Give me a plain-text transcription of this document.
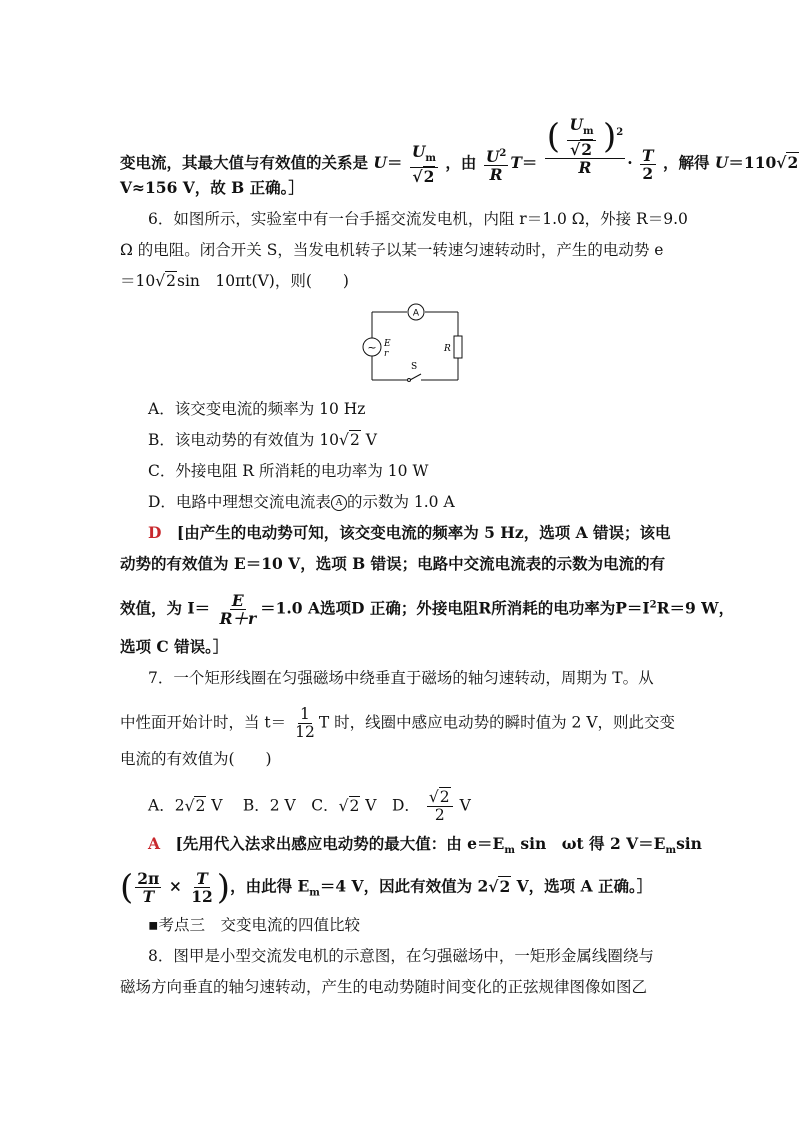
变电流，其最大值与有效值的关系是 $U= \frac{U_m}{√2}$ ，由 $\frac{U^2}{R} T= \frac{( \frac{U_m}{√2} )^2}{R} \cdot \frac{T}{2}$ ，解得 U＝110√2
V≈156 V，故 B 正确。］
6．如图所示，实验室中有一台手摇交流发电机，内阻 r＝1.0 Ω，外接 R＝9.0
Ω 的电阻。闭合开关 S，当发电机转子以某一转速匀速转动时，产生的电动势 e
＝10√2sin　10πt(V)，则(　　)
A
~ E
r	R
S
A．该交变电流的频率为 10 Hz
B．该电动势的有效值为 10√2 V
C．外接电阻 R 所消耗的电功率为 10 W
D．电路中理想交流电流表 A 的示数为 1.0 A
D [由产生的电动势可知，该交变电流的频率为 5 Hz，选项 A 错误；该电
动势的有效值为 E＝10 V，选项 B 错误；电路中交流电流表的示数为电流的有
效值，为 $I= \frac{E}{R+r} =1.0$ A选项D 正确；外接电阻R所消耗的电功率为$P=I^2R=9$ W，
选项 C 错误。］
7．一个矩形线圈在匀强磁场中绕垂直于磁场的轴匀速转动，周期为 T。从
中性面开始计时，当 $t= \frac{1}{12}$ T 时，线圈中感应电动势的瞬时值为 2 V，则此交变
电流的有效值为(　　)
A．2√2 V　 B．2 V　C．√2 V　D． $\frac{√2}{2}$ V
A [先用代入法求出感应电动势的最大值：由 $e=E_m$ sin　ωt 得 2 $V=E_m\sin$
( $\frac{2\pi}{T} \times \frac{T}{12}$ )，由此得 $E_m=4$ V，因此有效值为 2√2 V，选项 A 正确。］
▪考点三　交变电流的四值比较
8．图甲是小型交流发电机的示意图，在匀强磁场中，一矩形金属线圈绕与
磁场方向垂直的轴匀速转动，产生的电动势随时间变化的正弦规律图像如图乙
